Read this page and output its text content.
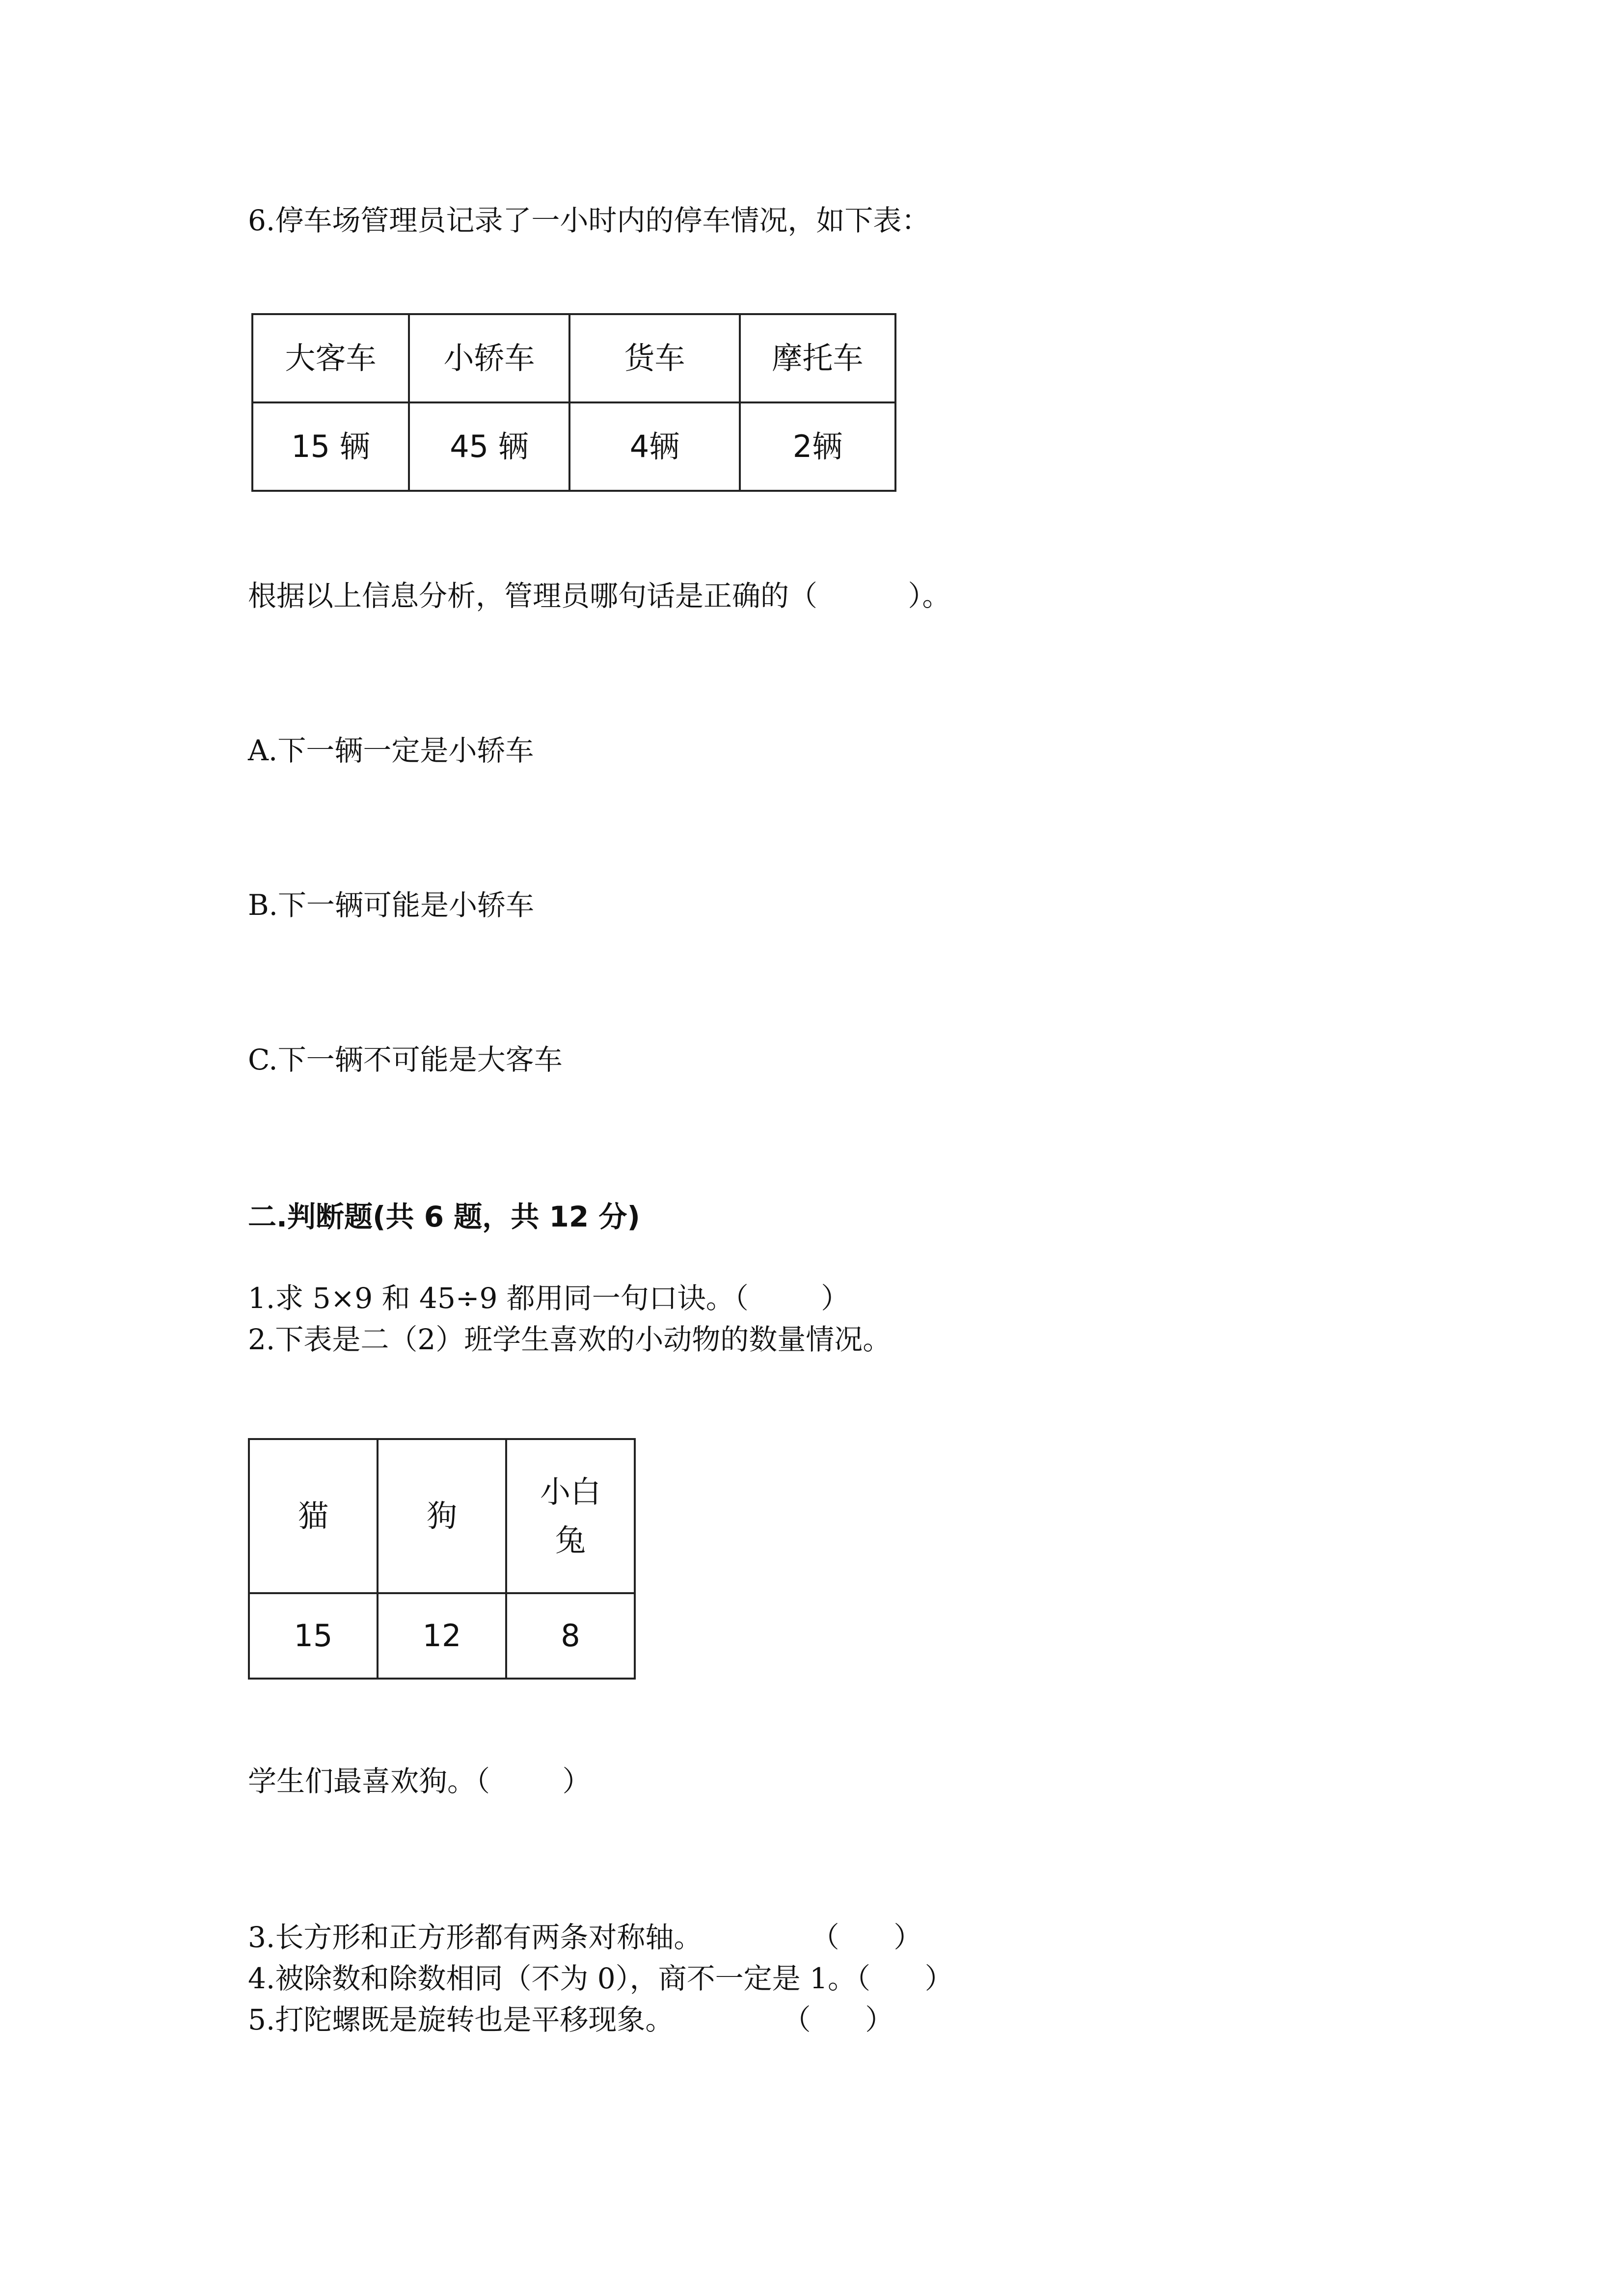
6.停车场管理员记录了一小时内的停车情况，如下表：

大客车	小轿车	货车	摩托车
15 辆	45 辆	4辆	2辆

根据以上信息分析，管理员哪句话是正确的（          ）。

A.下一辆一定是小轿车

B.下一辆可能是小轿车

C.下一辆不可能是大客车

二.判断题(共 6 题，共 12 分)

1.求 5×9 和 45÷9 都用同一句口诀。（        ）

2.下表是二（2）班学生喜欢的小动物的数量情况。

猫	狗	小白兔
15	12	8

学生们最喜欢狗。（        ）

3.长方形和正方形都有两条对称轴。            （      ）

4.被除数和除数相同（不为 0），商不一定是 1。（      ）

5.打陀螺既是旋转也是平移现象。            （      ）
